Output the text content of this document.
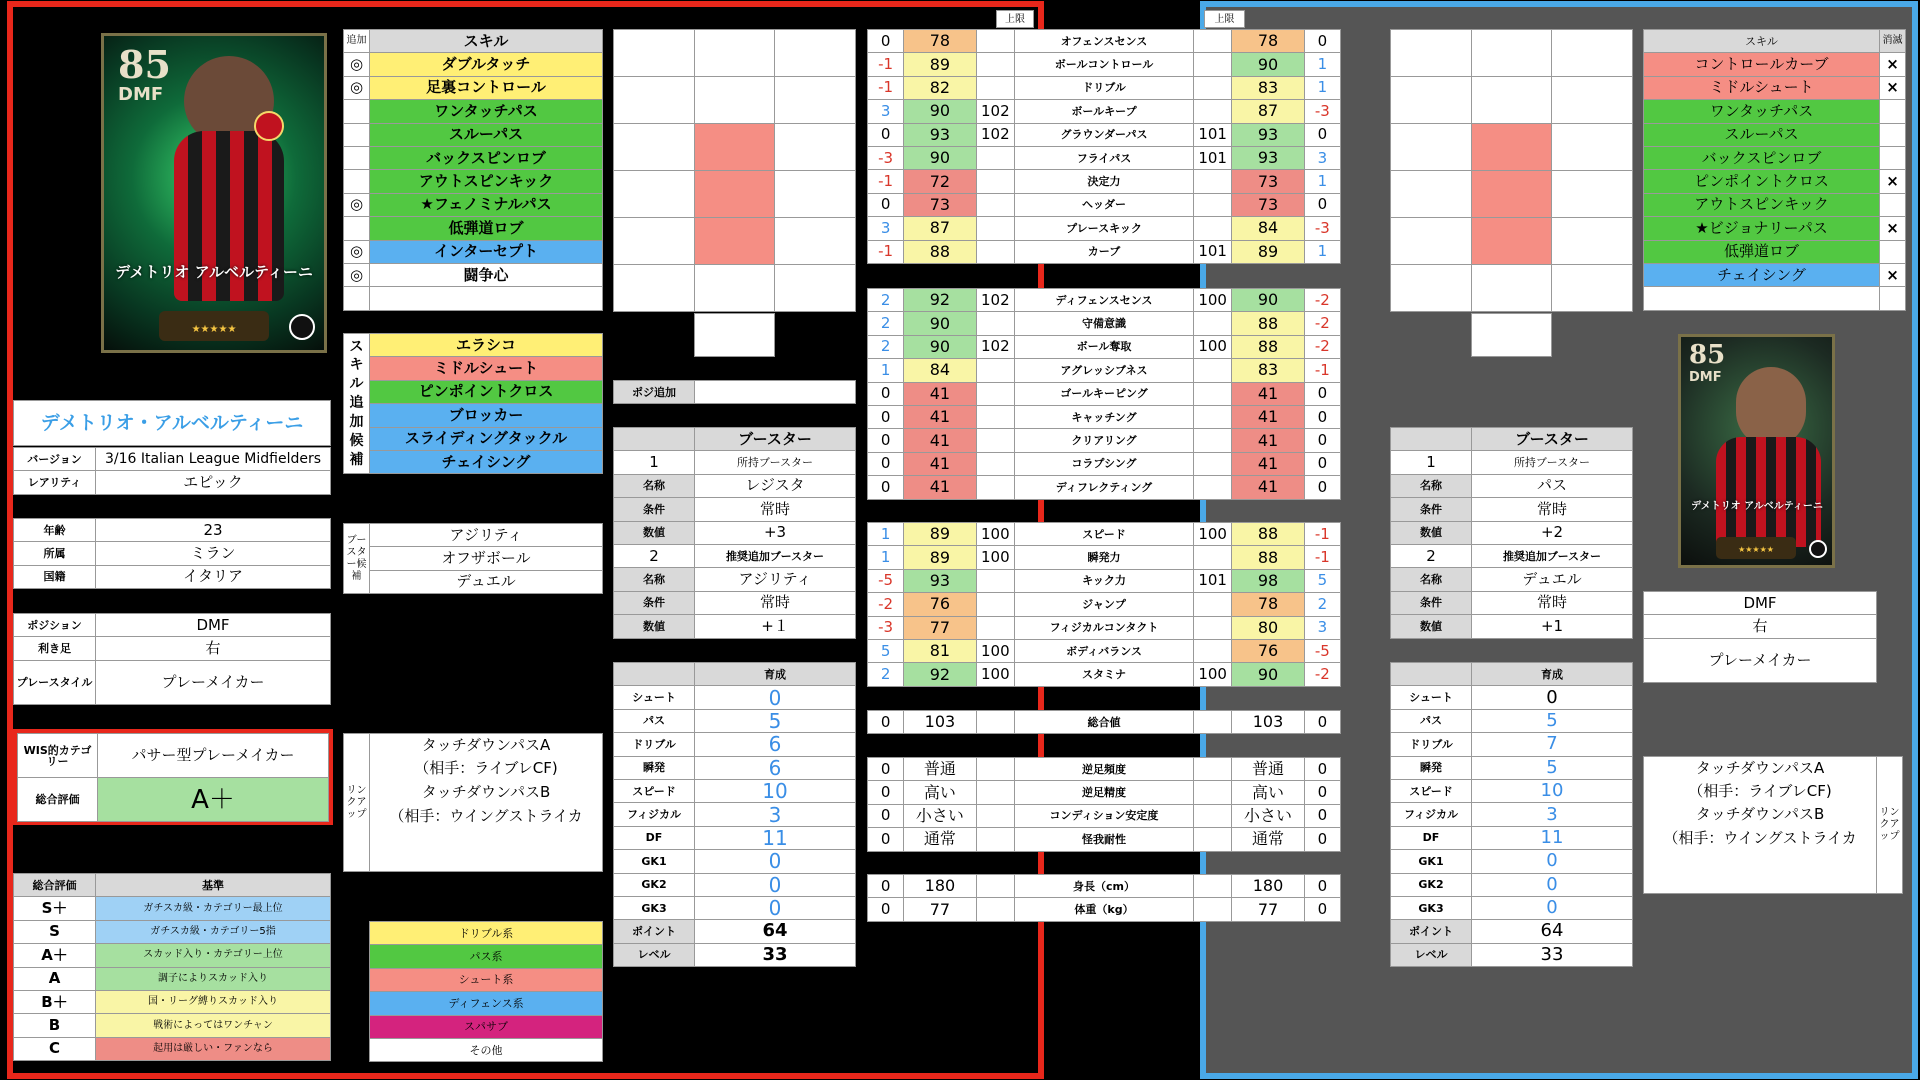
85
DMF
デメトリオ アルベルティーニ
★★★★★
デメトリオ・アルベルティーニ
バージョン	3/16 Italian League Midfielders
レアリティ	エピック
年齢	23
所属	ミラン
国籍	イタリア
ポジション	DMF
利き足	右
プレースタイル	プレーメイカー
WIS的カテゴリー	パサー型プレーメイカー
総合評価	A＋
総合評価	基準
S＋	ガチスカ級・カテゴリー最上位
S	ガチスカ級・カテゴリー5指
A＋	スカッド入り・カテゴリー上位
A	調子によりスカッド入り
B＋	国・リーグ縛りスカッド入り
B	戦術によってはワンチャン
C	起用は厳しい・ファンなら
追加	スキル
◎	ダブルタッチ
◎	足裏コントロール
	ワンタッチパス
	スルーパス
	バックスピンロブ
	アウトスピンキック
◎	★フェノミナルパス
	低弾道ロブ
◎	インターセプト
◎	闘争心

スキル追加候補	エラシコ
ミドルシュート
ピンポイントクロス
ブロッカー
スライディングタックル
チェイシング
ブースター候補	アジリティ
オフザボール
デュエル
リンクアップ	タッチダウンパスA
（相手：ライブレCF)
タッチダウンパスB
（相手：ウイングストライカ

ドリブル系
パス系
シュート系
ディフェンス系
スパサブ
その他

ポジ追加	
	ブースター
1	所持ブースター
名称	レジスタ
条件	常時
数値	+3
2	推奨追加ブースター
名称	アジリティ
条件	常時
数値	+１
	育成
シュート	0
パス	5
ドリブル	6
瞬発	6
スピード	10
フィジカル	3
DF	11
GK1	0
GK2	0
GK3	0
ポイント	64
レベル	33
上限	上限
0	78		オフェンスセンス		78	0
-1	89		ボールコントロール		90	1
-1	82		ドリブル		83	1
3	90	102	ボールキープ		87	-3
0	93	102	グラウンダーパス	101	93	0
-3	90		フライパス	101	93	3
-1	72		決定力		73	1
0	73		ヘッダー		73	0
3	87		プレースキック		84	-3
-1	88		カーブ	101	89	1
2	92	102	ディフェンスセンス	100	90	-2
2	90		守備意識		88	-2
2	90	102	ボール奪取	100	88	-2
1	84		アグレッシブネス		83	-1
0	41		ゴールキーピング		41	0
0	41		キャッチング		41	0
0	41		クリアリング		41	0
0	41		コラプシング		41	0
0	41		ディフレクティング		41	0
1	89	100	スピード	100	88	-1
1	89	100	瞬発力		88	-1
-5	93		キック力	101	98	5
-2	76		ジャンプ		78	2
-3	77		フィジカルコンタクト		80	3
5	81	100	ボディバランス		76	-5
2	92	100	スタミナ	100	90	-2
0	103		総合値		103	0
0	普通		逆足頻度		普通	0
0	高い		逆足精度		高い	0
0	小さい		コンディション安定度		小さい	0
0	通常		怪我耐性		通常	0
0	180		身長（cm）		180	0
0	77		体重（kg）		77	0

	ブースター
1	所持ブースター
名称	パス
条件	常時
数値	+2
2	推奨追加ブースター
名称	デュエル
条件	常時
数値	+1
	育成
シュート	0
パス	5
ドリブル	7
瞬発	5
スピード	10
フィジカル	3
DF	11
GK1	0
GK2	0
GK3	0
ポイント	64
レベル	33
スキル	消滅
コントロールカーブ	×
ミドルシュート	×
ワンタッチパス	
スルーパス	
バックスピンロブ	
ピンポイントクロス	×
アウトスピンキック	
★ビジョナリーパス	×
低弾道ロブ	
チェイシング	×

85
DMF
デメトリオ アルベルティーニ
★★★★★
DMF
右
プレーメイカー
タッチダウンパスA	リンクアップ
（相手：ライブレCF)
タッチダウンパスB
（相手：ウイングストライカ
